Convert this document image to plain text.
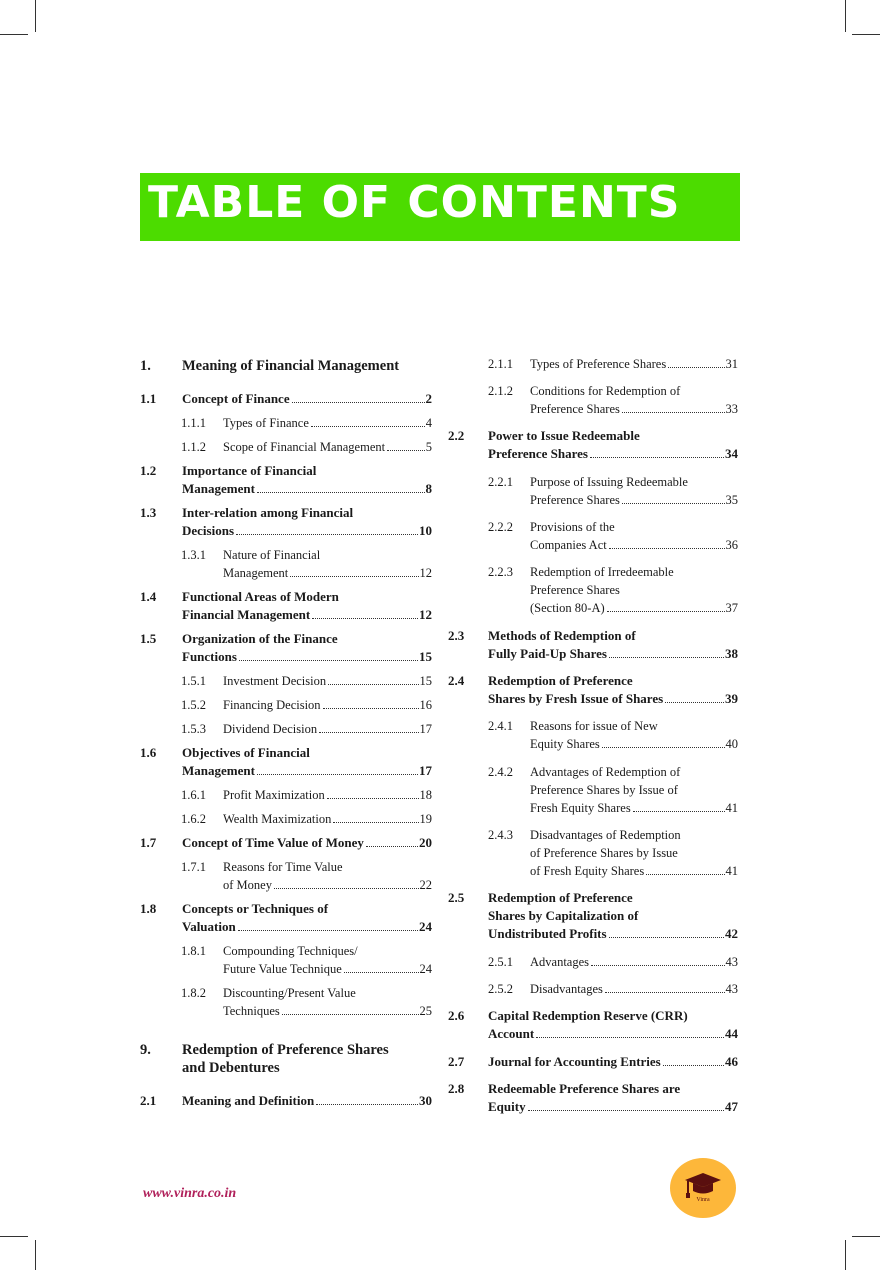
TABLE OF CONTENTS
1. Meaning of Financial Management
1.1 Concept of Finance	2
1.1.1 Types of Finance	4
1.1.2 Scope of Financial Management	5
1.2 Importance of Financial
Management	8
1.3 Inter-relation among Financial
Decisions	10
1.3.1 Nature of Financial
Management	12
1.4 Functional Areas of Modern
Financial Management	12
1.5 Organization of the Finance
Functions	15
1.5.1 Investment Decision	15
1.5.2 Financing Decision	16
1.5.3 Dividend Decision	17
1.6 Objectives of Financial
Management	17
1.6.1 Profit Maximization	18
1.6.2 Wealth Maximization	19
1.7 Concept of Time Value of Money	20
1.7.1 Reasons for Time Value
of Money	22
1.8 Concepts or Techniques of
Valuation	24
1.8.1 Compounding Techniques/
Future Value Technique	24
1.8.2 Discounting/Present Value
Techniques	25
9. Redemption of Preference Shares
and Debentures
2.1 Meaning and Definition	30
2.1.1 Types of Preference Shares	31
2.1.2 Conditions for Redemption of
Preference Shares	33
2.2 Power to Issue Redeemable
Preference Shares	34
2.2.1 Purpose of Issuing Redeemable
Preference Shares	35
2.2.2 Provisions of the
Companies Act	36
2.2.3 Redemption of Irredeemable
Preference Shares
(Section 80-A)	37
2.3 Methods of Redemption of
Fully Paid-Up Shares	38
2.4 Redemption of Preference
Shares by Fresh Issue of Shares	39
2.4.1 Reasons for issue of New
Equity Shares	40
2.4.2 Advantages of Redemption of
Preference Shares by Issue of
Fresh Equity Shares	41
2.4.3 Disadvantages of Redemption
of Preference Shares by Issue
of Fresh Equity Shares	41
2.5 Redemption of Preference
Shares by Capitalization of
Undistributed Profits	42
2.5.1 Advantages	43
2.5.2 Disadvantages	43
2.6 Capital Redemption Reserve (CRR)
Account	44
2.7 Journal for Accounting Entries	46
2.8 Redeemable Preference Shares are
Equity	47
www.vinra.co.in	Vinra
